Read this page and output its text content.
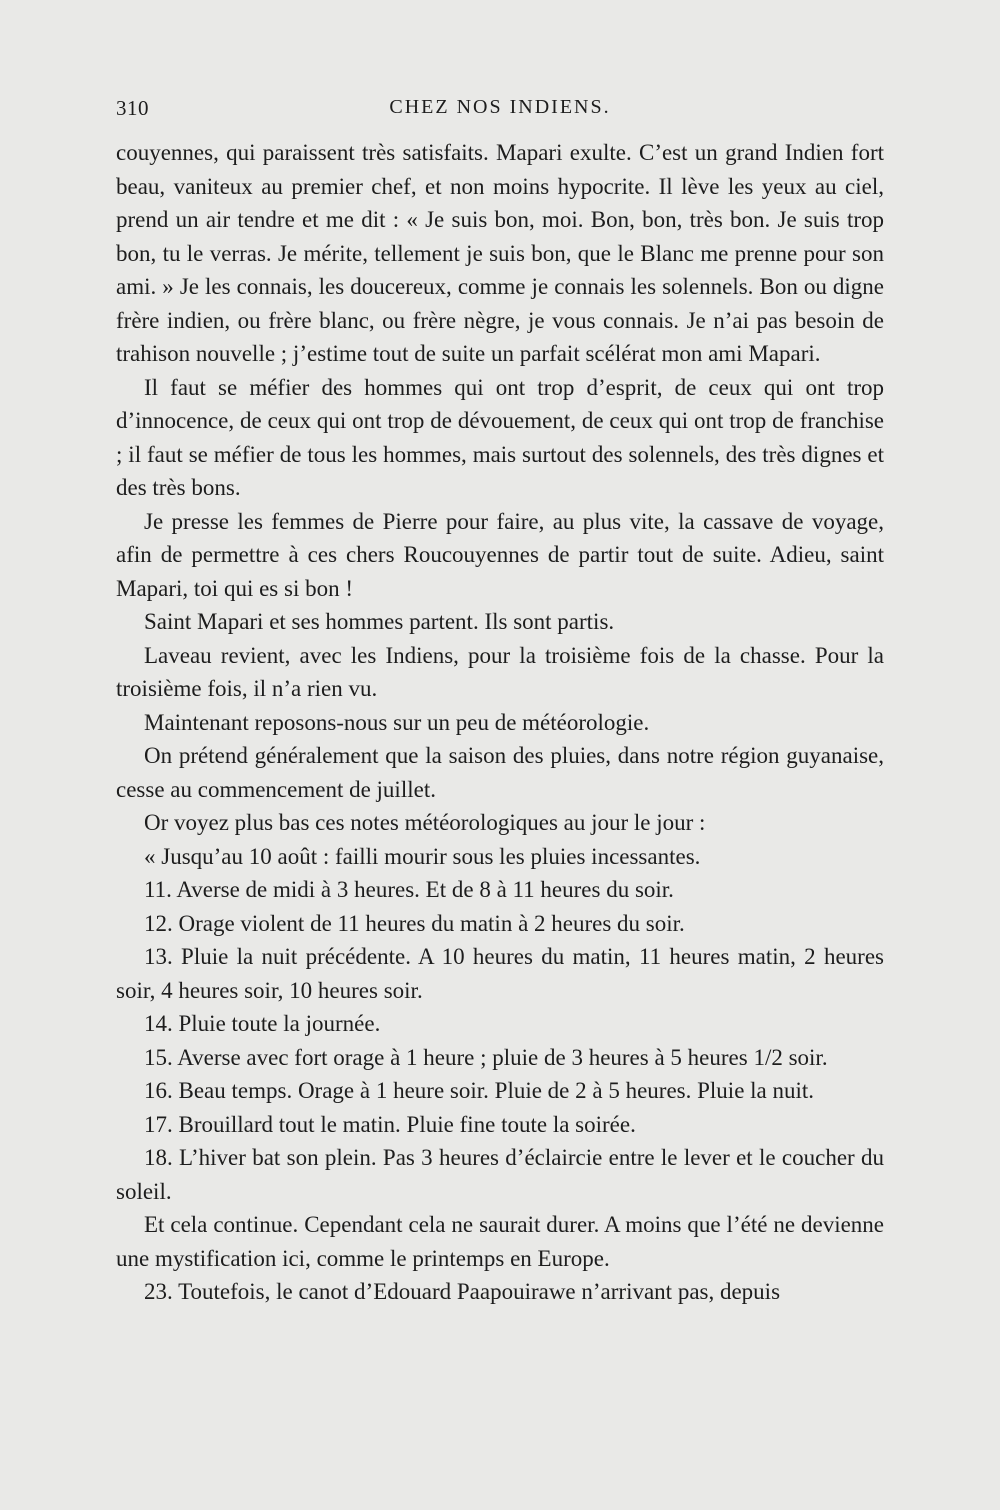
310	CHEZ NOS INDIENS.

couyennes, qui paraissent très satisfaits. Mapari exulte. C’est un grand Indien fort beau, vaniteux au premier chef, et non moins hypocrite. Il lève les yeux au ciel, prend un air tendre et me dit : « Je suis bon, moi. Bon, bon, très bon. Je suis trop bon, tu le verras. Je mérite, tellement je suis bon, que le Blanc me prenne pour son ami. » Je les connais, les doucereux, comme je connais les solennels. Bon ou digne frère indien, ou frère blanc, ou frère nègre, je vous connais. Je n’ai pas besoin de trahison nouvelle ; j’estime tout de suite un parfait scélérat mon ami Mapari.

Il faut se méfier des hommes qui ont trop d’esprit, de ceux qui ont trop d’innocence, de ceux qui ont trop de dévouement, de ceux qui ont trop de franchise ; il faut se méfier de tous les hommes, mais surtout des solennels, des très dignes et des très bons.

Je presse les femmes de Pierre pour faire, au plus vite, la cassave de voyage, afin de permettre à ces chers Roucouyennes de partir tout de suite. Adieu, saint Mapari, toi qui es si bon !

Saint Mapari et ses hommes partent. Ils sont partis.

Laveau revient, avec les Indiens, pour la troisième fois de la chasse. Pour la troisième fois, il n’a rien vu.

Maintenant reposons-nous sur un peu de météorologie.

On prétend généralement que la saison des pluies, dans notre région guyanaise, cesse au commencement de juillet.

Or voyez plus bas ces notes météorologiques au jour le jour :

« Jusqu’au 10 août : failli mourir sous les pluies incessantes.

11. Averse de midi à 3 heures. Et de 8 à 11 heures du soir.

12. Orage violent de 11 heures du matin à 2 heures du soir.

13. Pluie la nuit précédente. A 10 heures du matin, 11 heures matin, 2 heures soir, 4 heures soir, 10 heures soir.

14. Pluie toute la journée.

15. Averse avec fort orage à 1 heure ; pluie de 3 heures à 5 heures 1/2 soir.

16. Beau temps. Orage à 1 heure soir. Pluie de 2 à 5 heures. Pluie la nuit.

17. Brouillard tout le matin. Pluie fine toute la soirée.

18. L’hiver bat son plein. Pas 3 heures d’éclaircie entre le lever et le coucher du soleil.

Et cela continue. Cependant cela ne saurait durer. A moins que l’été ne devienne une mystification ici, comme le printemps en Europe.

23. Toutefois, le canot d’Edouard Paapouirawe n’arrivant pas, depuis
